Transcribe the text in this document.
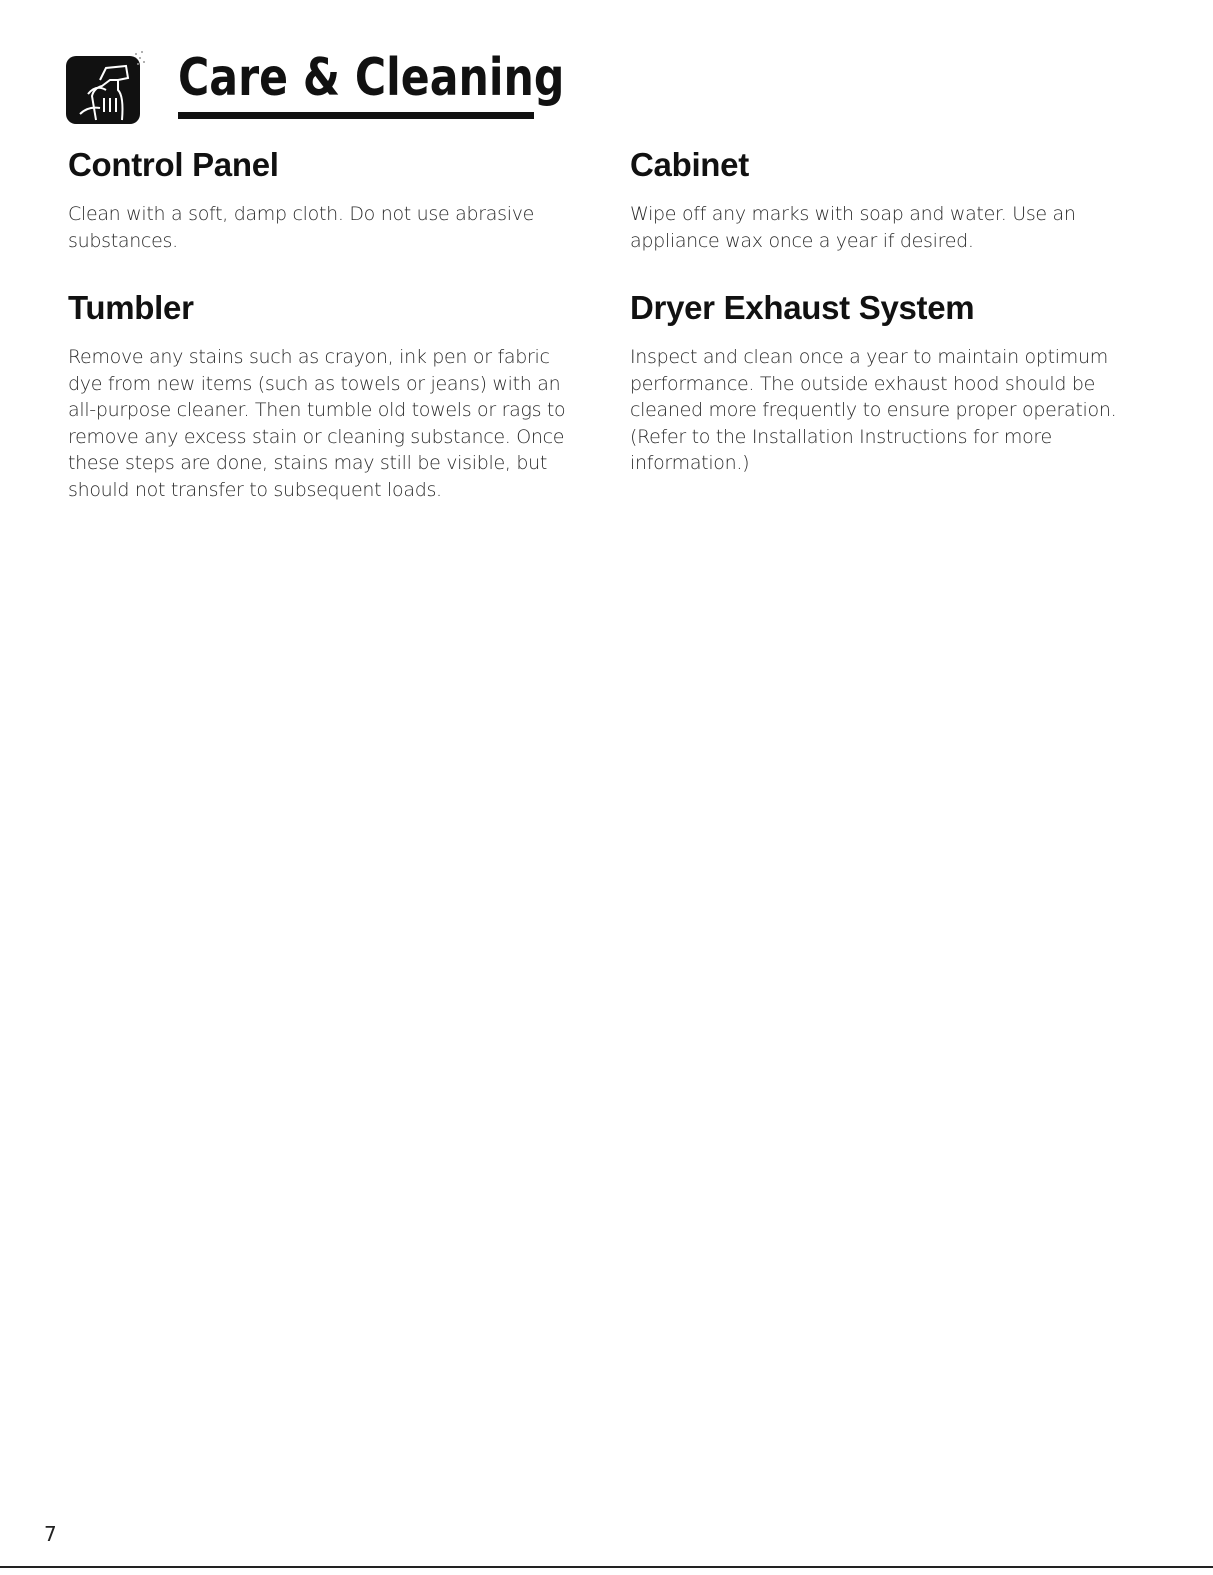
Care & Cleaning
Control Panel

Clean with a soft, damp cloth. Do not use abrasive substances.

Cabinet

Wipe off any marks with soap and water. Use an appliance wax once a year if desired.

Tumbler

Remove any stains such as crayon, ink pen or fabric dye from new items (such as towels or jeans) with an all-purpose cleaner. Then tumble old towels or rags to remove any excess stain or cleaning substance. Once these steps are done, stains may still be visible, but should not transfer to subsequent loads.

Dryer Exhaust System

Inspect and clean once a year to maintain optimum performance. The outside exhaust hood should be cleaned more frequently to ensure proper operation. (Refer to the Installation Instructions for more information.)

7
